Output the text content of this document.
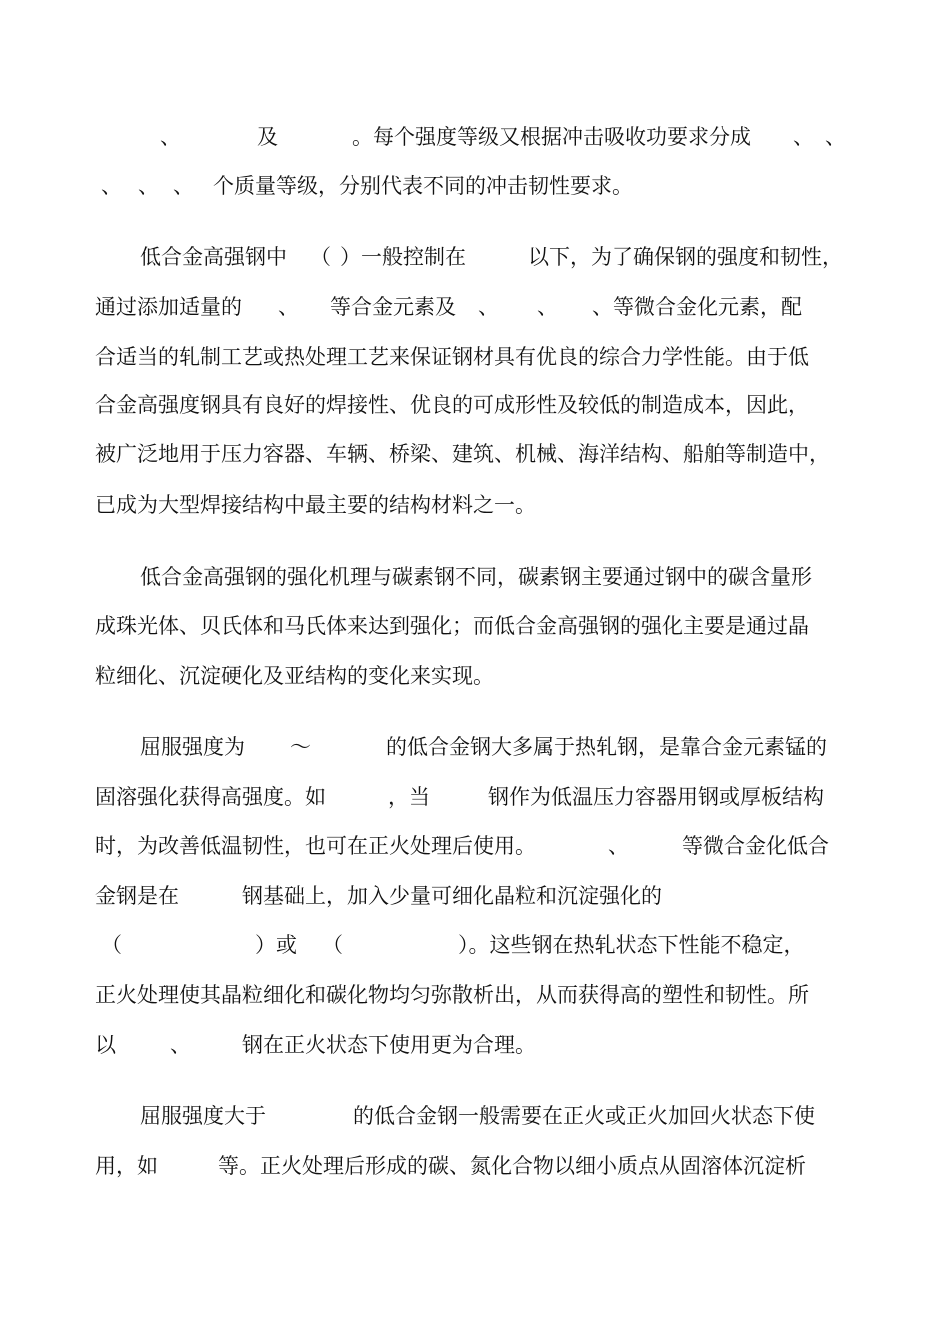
、

	及

	。每个强度等级又根据冲击吸收功要求分成

、

、

、

、

、

个质量等级，分别代表不同的冲击韧性要求。

低合金高强钢中

（

）一般控制在

	以下，为了确保钢的强度和韧性，

通过添加适量的

、

等合金元素及

、

、

、等微合金化元素，配

合适当的轧制工艺或热处理工艺来保证钢材具有优良的综合力学性能。由于低

合金高强度钢具有良好的焊接性、优良的可成形性及较低的制造成本，因此，

被广泛地用于压力容器、车辆、桥梁、建筑、机械、海洋结构、船舶等制造中，

已成为大型焊接结构中最主要的结构材料之一。

低合金高强钢的强化机理与碳素钢不同，碳素钢主要通过钢中的碳含量形

成珠光体、贝氏体和马氏体来达到强化；而低合金高强钢的强化主要是通过晶

粒细化、沉淀硬化及亚结构的变化来实现。

屈服强度为

～

	的低合金钢大多属于热轧钢，是靠合金元素锰的

固溶强化获得高强度。如

	，当

	钢作为低温压力容器用钢或厚板结构

时，为改善低温韧性，也可在正火处理后使用。

	、

	等微合金化低合

金钢是在

	钢基础上，加入少量可细化晶粒和沉淀强化的

（

	）或

（

	）。这些钢在热轧状态下性能不稳定，

正火处理使其晶粒细化和碳化物均匀弥散析出，从而获得高的塑性和韧性。所

以

	、

钢在正火状态下使用更为合理。

屈服强度大于

	的低合金钢一般需要在正火或正火加回火状态下使

用，如

	等。正火处理后形成的碳、氮化合物以细小质点从固溶体沉淀析
